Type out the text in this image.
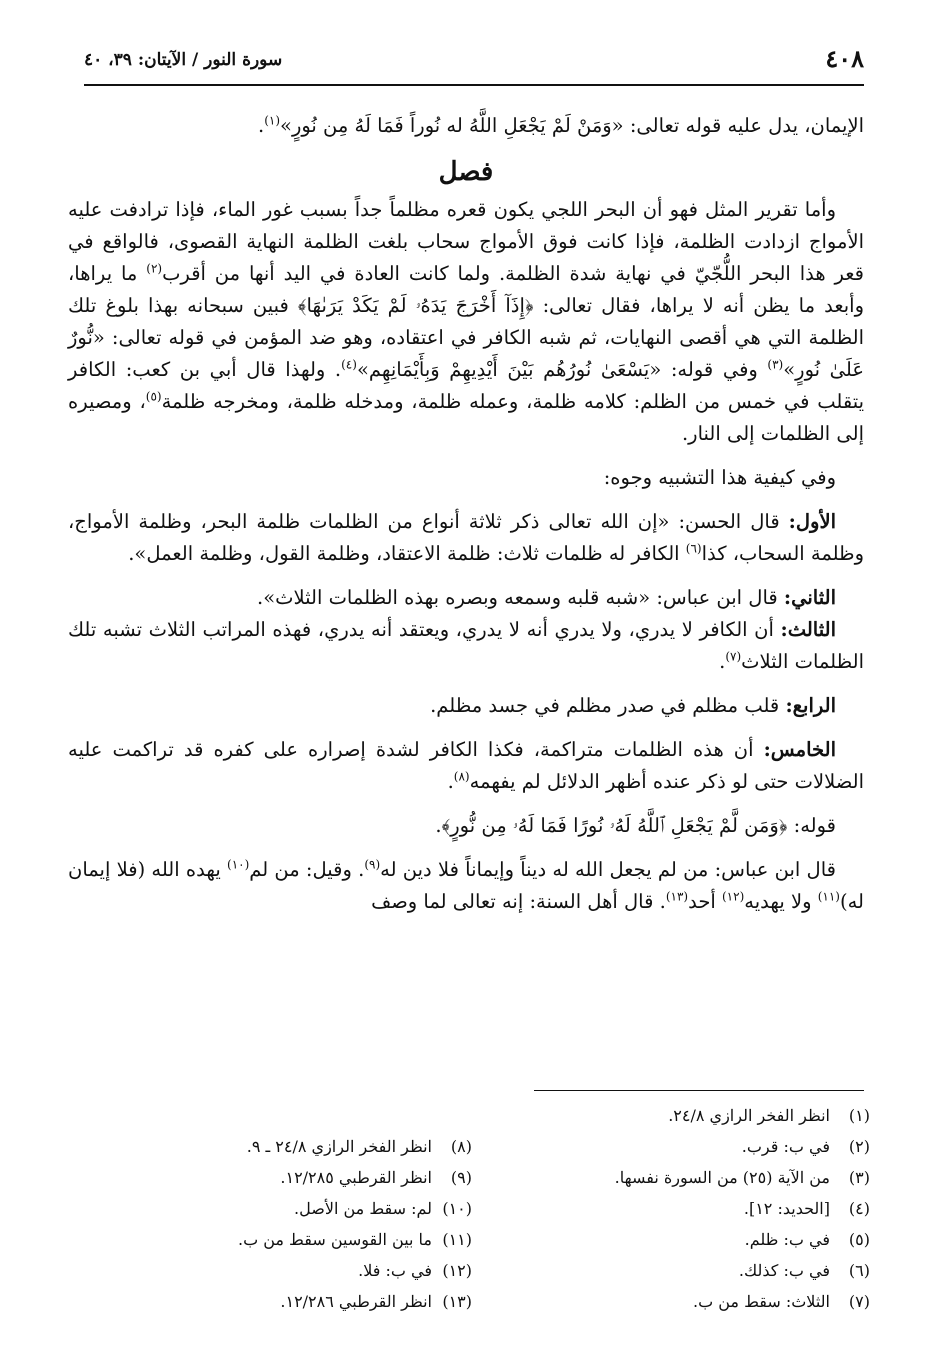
٤٠٨
سورة النور / الآيتان: ٣٩، ٤٠

الإيمان، يدل عليه قوله تعالى: «وَمَنْ لَمْ يَجْعَلِ اللَّهُ له نُوراً فَمَا لَهُ مِن نُورٍ»$^{(١)}$.

فصل

وأما تقرير المثل فهو أن البحر اللجي يكون قعره مظلماً جداً بسبب غور الماء، فإذا ترادفت عليه الأمواج ازدادت الظلمة، فإذا كانت فوق الأمواج سحاب بلغت الظلمة النهاية القصوى، فالواقع في قعر هذا البحر اللُّجّيّ في نهاية شدة الظلمة. ولما كانت العادة في اليد أنها من أقرب$^{(٢)}$ ما يراها، وأبعد ما يظن أنه لا يراها، فقال تعالى: ﴿إِذَآ أَخْرَجَ يَدَهُۥ لَمْ يَكَدْ يَرَىٰهَا﴾ فبين سبحانه بهذا بلوغ تلك الظلمة التي هي أقصى النهايات، ثم شبه الكافر في اعتقاده، وهو ضد المؤمن في قوله تعالى: «نُّورٌ عَلَىٰ نُورٍ»$^{(٣)}$ وفي قوله: «يَسْعَىٰ نُورُهُم بَيْنَ أَيْدِيهِمْ وَبِأَيْمَانِهِم»$^{(٤)}$. ولهذا قال أبي بن كعب: الكافر يتقلب في خمس من الظلم: كلامه ظلمة، وعمله ظلمة، ومدخله ظلمة، ومخرجه ظلمة$^{(٥)}$، ومصيره إلى الظلمات إلى النار.

وفي كيفية هذا التشبيه وجوه:

الأول: قال الحسن: «إن الله تعالى ذكر ثلاثة أنواع من الظلمات ظلمة البحر، وظلمة الأمواج، وظلمة السحاب، كذا$^{(٦)}$ الكافر له ظلمات ثلاث: ظلمة الاعتقاد، وظلمة القول، وظلمة العمل».

الثاني: قال ابن عباس: «شبه قلبه وسمعه وبصره بهذه الظلمات الثلاث».

الثالث: أن الكافر لا يدري، ولا يدري أنه لا يدري، ويعتقد أنه يدري، فهذه المراتب الثلاث تشبه تلك الظلمات الثلاث$^{(٧)}$.

الرابع: قلب مظلم في صدر مظلم في جسد مظلم.

الخامس: أن هذه الظلمات متراكمة، فكذا الكافر لشدة إصراره على كفره قد تراكمت عليه الضلالات حتى لو ذكر عنده أظهر الدلائل لم يفهمه$^{(٨)}$.

قوله: ﴿وَمَن لَّمْ يَجْعَلِ ٱللَّهُ لَهُۥ نُورًا فَمَا لَهُۥ مِن نُّورٍ﴾.

قال ابن عباس: من لم يجعل الله له ديناً وإيماناً فلا دين له$^{(٩)}$. وقيل: من لم$^{(١٠)}$ يهده الله (فلا إيمان له)$^{(١١)}$ ولا يهديه$^{(١٢)}$ أحد$^{(١٣)}$. قال أهل السنة: إنه تعالى لما وصف

(١)
انظر الفخر الرازي ٢٤/٨.
(٢)
في ب: قرب.
(٣)
من الآية (٢٥) من السورة نفسها.
(٤)
[الحديد: ١٢].
(٥)
في ب: ظلم.
(٦)
في ب: كذلك.
(٧)
الثلاث: سقط من ب.
(٨)
انظر الفخر الرازي ٢٤/٨ ـ ٩.
(٩)
انظر القرطبي ١٢/٢٨٥.
(١٠)
لم: سقط من الأصل.
(١١)
ما بين القوسين سقط من ب.
(١٢)
في ب: فلا.
(١٣)
انظر القرطبي ١٢/٢٨٦.
